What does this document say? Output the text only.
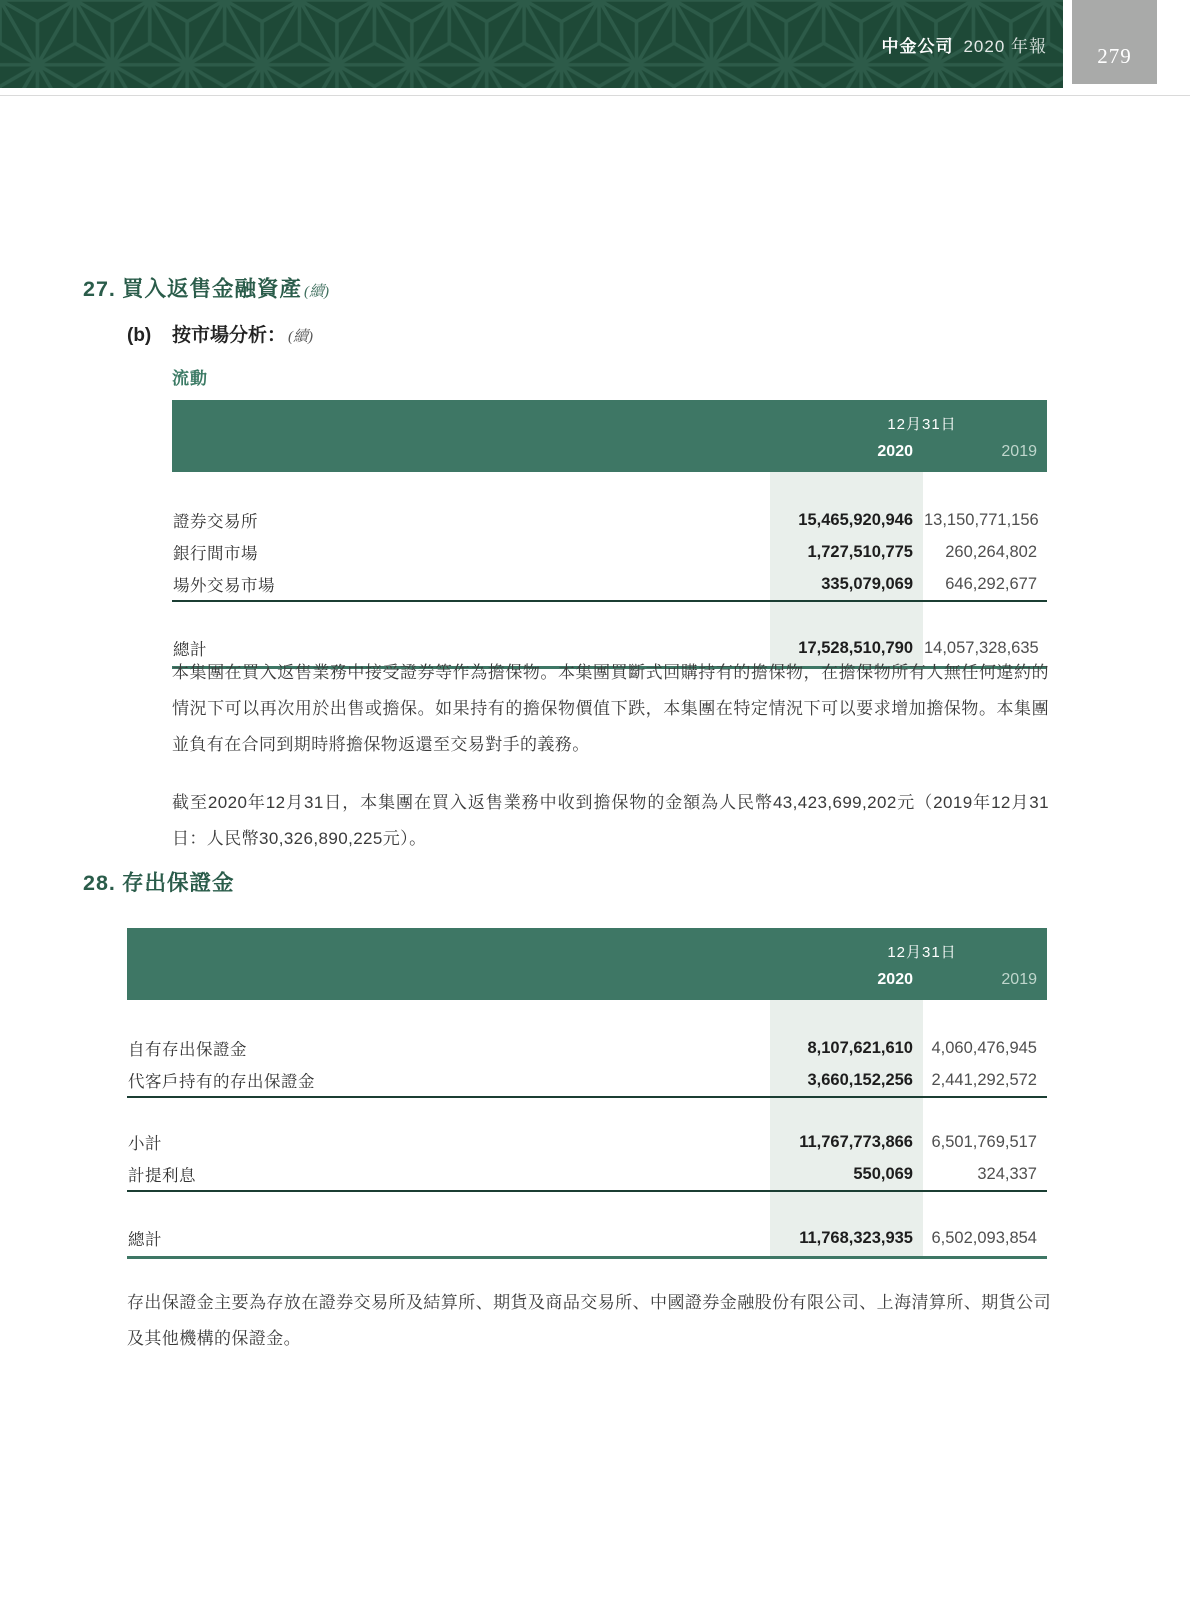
中金公司 2020 年報	279
27. 買入返售金融資產 (續)
(b) 按市場分析： (續)
流動
	12月31日	
	2020	2019

證券交易所	15,465,920,946	13,150,771,156
銀行間市場	1,727,510,775	260,264,802
場外交易市場	335,079,069	646,292,677

總計	17,528,510,790	14,057,328,635

本集團在買入返售業務中接受證券等作為擔保物。本集團買斷式回購持有的擔保物，在擔保物所有人無任何違約的情況下可以再次用於出售或擔保。如果持有的擔保物價值下跌，本集團在特定情況下可以要求增加擔保物。本集團並負有在合同到期時將擔保物返還至交易對手的義務。

截至2020年12月31日，本集團在買入返售業務中收到擔保物的金額為人民幣43,423,699,202元（2019年12月31日：人民幣30,326,890,225元）。

28. 存出保證金
	12月31日	
	2020	2019

自有存出保證金	8,107,621,610	4,060,476,945
代客戶持有的存出保證金	3,660,152,256	2,441,292,572

小計	11,767,773,866	6,501,769,517
計提利息	550,069	324,337

總計	11,768,323,935	6,502,093,854

存出保證金主要為存放在證券交易所及結算所、期貨及商品交易所、中國證券金融股份有限公司、上海清算所、期貨公司及其他機構的保證金。
